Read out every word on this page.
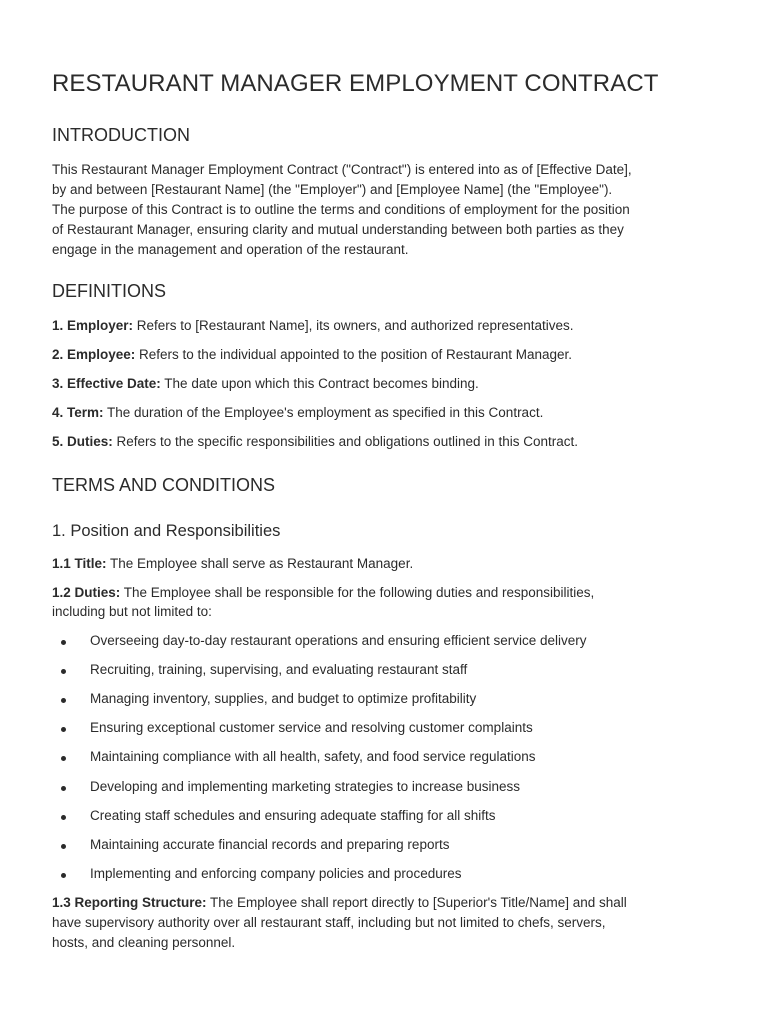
RESTAURANT MANAGER EMPLOYMENT CONTRACT
INTRODUCTION

This Restaurant Manager Employment Contract ("Contract") is entered into as of [Effective Date],

by and between [Restaurant Name] (the "Employer") and [Employee Name] (the "Employee").

The purpose of this Contract is to outline the terms and conditions of employment for the position

of Restaurant Manager, ensuring clarity and mutual understanding between both parties as they

engage in the management and operation of the restaurant.

DEFINITIONS

1. Employer: Refers to [Restaurant Name], its owners, and authorized representatives.

2. Employee: Refers to the individual appointed to the position of Restaurant Manager.

3. Effective Date: The date upon which this Contract becomes binding.

4. Term: The duration of the Employee's employment as specified in this Contract.

5. Duties: Refers to the specific responsibilities and obligations outlined in this Contract.

TERMS AND CONDITIONS
1. Position and Responsibilities

1.1 Title: The Employee shall serve as Restaurant Manager.

1.2 Duties: The Employee shall be responsible for the following duties and responsibilities,

including but not limited to:

Overseeing day-to-day restaurant operations and ensuring efficient service delivery
Recruiting, training, supervising, and evaluating restaurant staff
Managing inventory, supplies, and budget to optimize profitability
Ensuring exceptional customer service and resolving customer complaints
Maintaining compliance with all health, safety, and food service regulations
Developing and implementing marketing strategies to increase business
Creating staff schedules and ensuring adequate staffing for all shifts
Maintaining accurate financial records and preparing reports
Implementing and enforcing company policies and procedures

1.3 Reporting Structure: The Employee shall report directly to [Superior's Title/Name] and shall

have supervisory authority over all restaurant staff, including but not limited to chefs, servers,

hosts, and cleaning personnel.
